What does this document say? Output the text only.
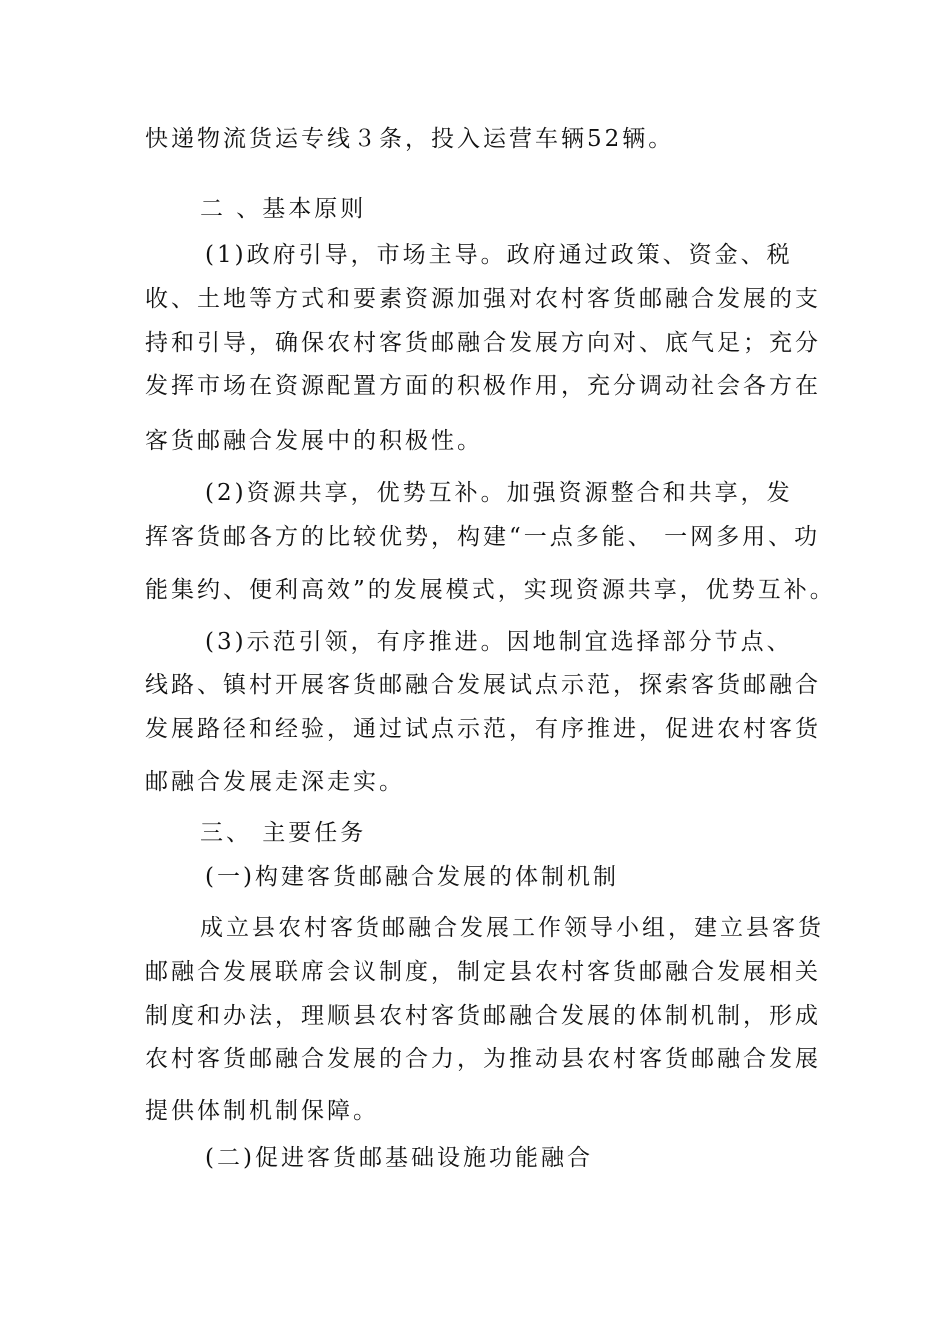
快递物流货运专线３条，投入运营车辆52辆。
二 、基本原则
(1)政府引导，市场主导。政府通过政策、资金、税
收、土地等方式和要素资源加强对农村客货邮融合发展的支
持和引导，确保农村客货邮融合发展方向对、底气足；充分
发挥市场在资源配置方面的积极作用，充分调动社会各方在
客货邮融合发展中的积极性。
(2)资源共享，优势互补。加强资源整合和共享，发
挥客货邮各方的比较优势，构建“一点多能、 一网多用、功
能集约、便利高效”的发展模式，实现资源共享，优势互补。
(3)示范引领，有序推进。因地制宜选择部分节点、
线路、镇村开展客货邮融合发展试点示范，探索客货邮融合
发展路径和经验，通过试点示范，有序推进，促进农村客货
邮融合发展走深走实。
三、 主要任务
(一)构建客货邮融合发展的体制机制
成立县农村客货邮融合发展工作领导小组，建立县客货
邮融合发展联席会议制度，制定县农村客货邮融合发展相关
制度和办法，理顺县农村客货邮融合发展的体制机制，形成
农村客货邮融合发展的合力，为推动县农村客货邮融合发展
提供体制机制保障。
(二)促进客货邮基础设施功能融合
